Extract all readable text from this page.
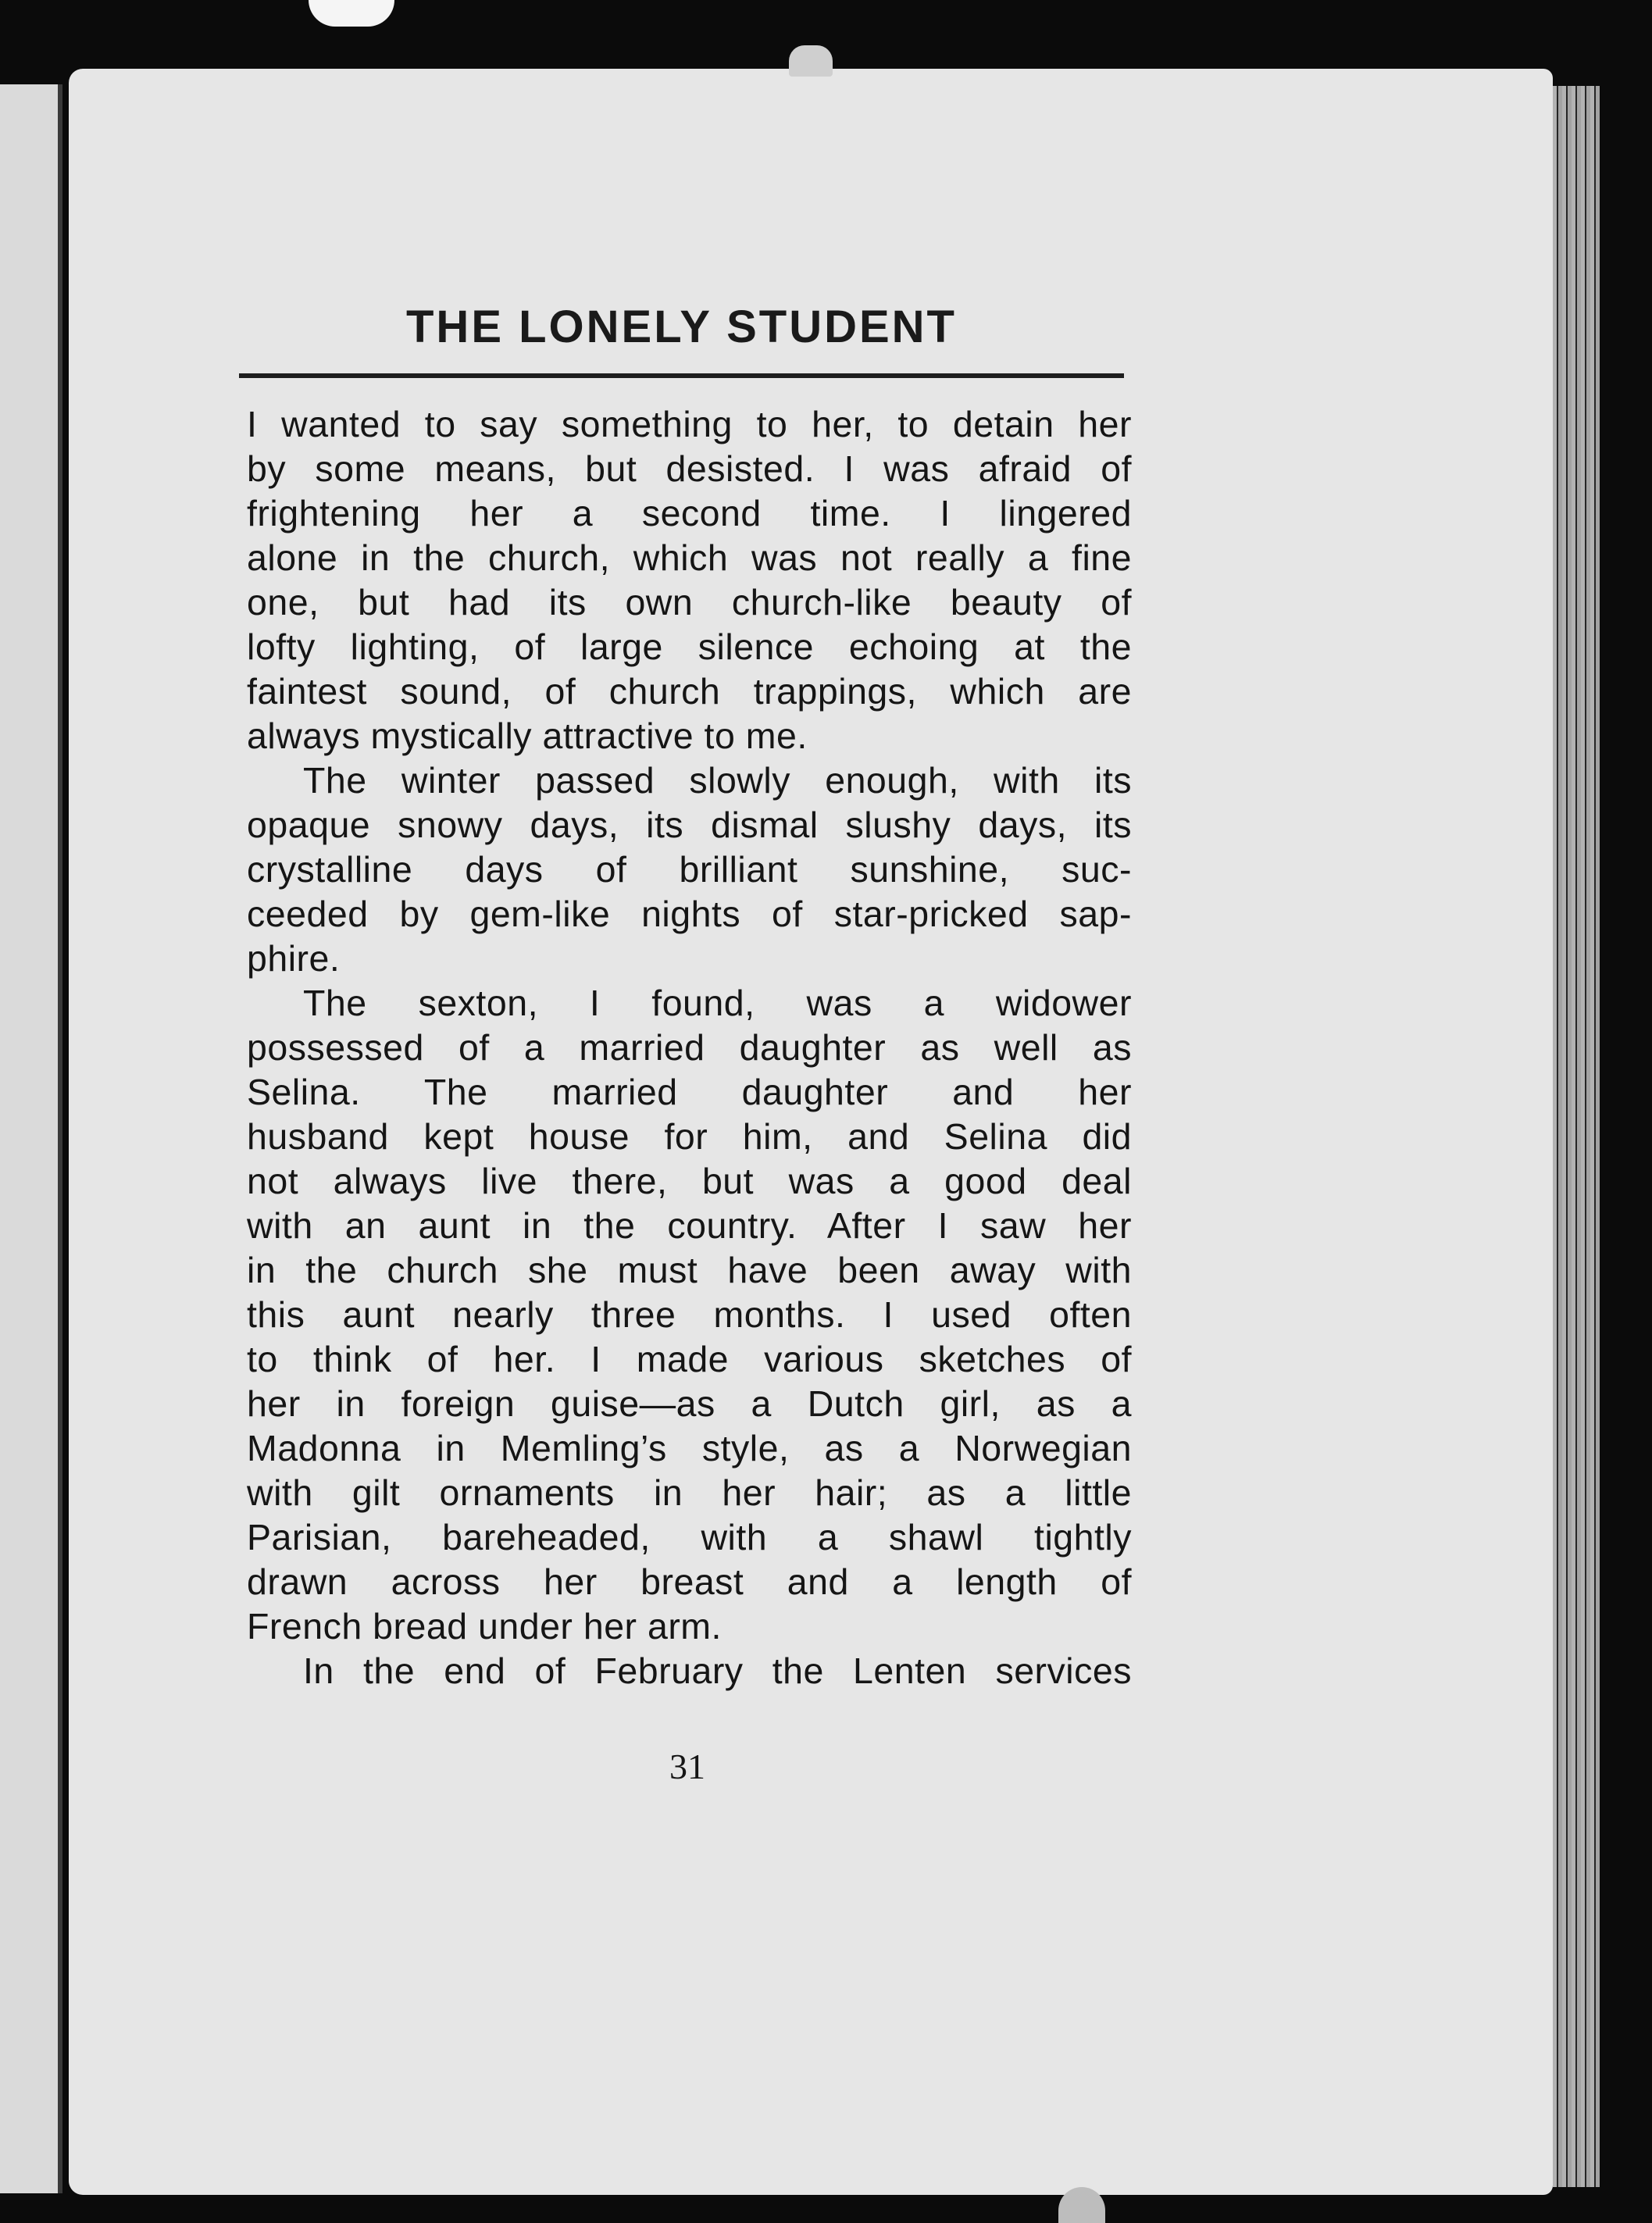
THE LONELY STUDENT
I wanted to say something to her, to detain her
by some means, but desisted. I was afraid of
frightening her a second time. I lingered
alone in the church, which was not really a fine
one, but had its own church-like beauty of
lofty lighting, of large silence echoing at the
faintest sound, of church trappings, which are
always mystically attractive to me.
The winter passed slowly enough, with its
opaque snowy days, its dismal slushy days, its
crystalline days of brilliant sunshine, suc-
ceeded by gem-like nights of star-pricked sap-
phire.
The sexton, I found, was a widower
possessed of a married daughter as well as
Selina. The married daughter and her
husband kept house for him, and Selina did
not always live there, but was a good deal
with an aunt in the country. After I saw her
in the church she must have been away with
this aunt nearly three months. I used often
to think of her. I made various sketches of
her in foreign guise—as a Dutch girl, as a
Madonna in Memling’s style, as a Norwegian
with gilt ornaments in her hair; as a little
Parisian, bareheaded, with a shawl tightly
drawn across her breast and a length of
French bread under her arm.
In the end of February the Lenten services
31
